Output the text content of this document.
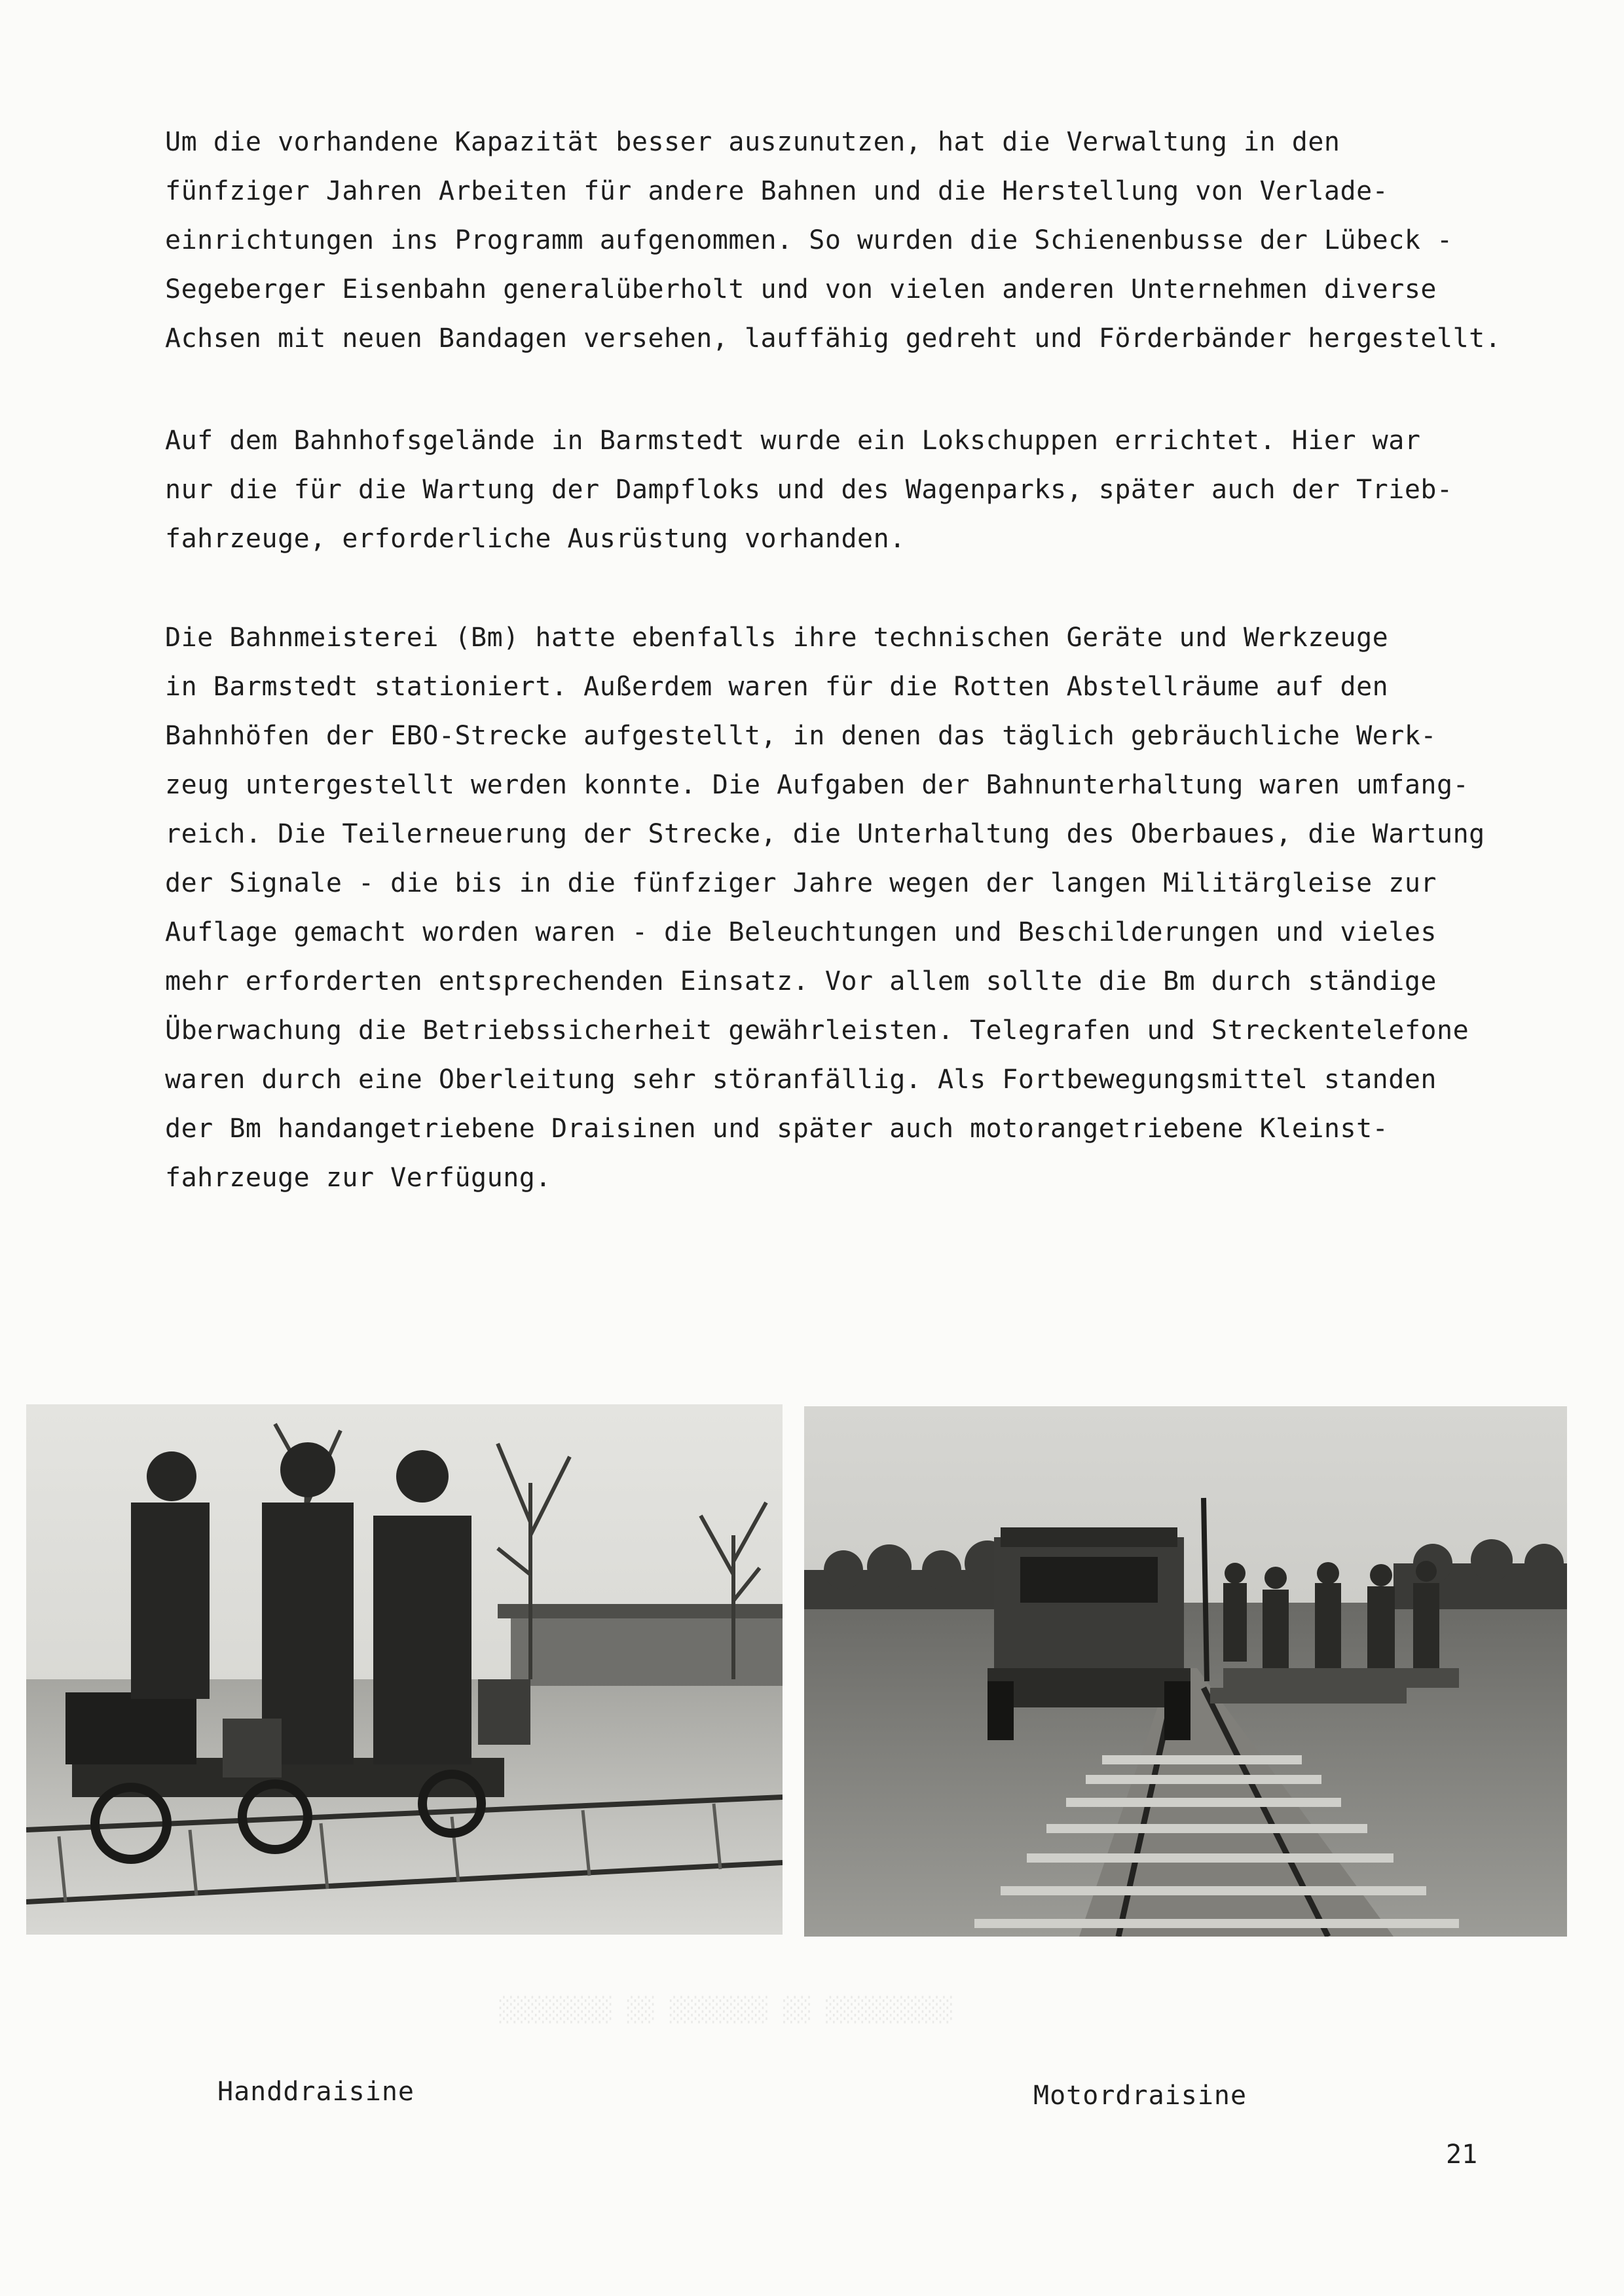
Um die vorhandene Kapazität besser auszunutzen, hat die Verwaltung in den
fünfziger Jahren Arbeiten für andere Bahnen und die Herstellung von Verlade-
einrichtungen ins Programm aufgenommen. So wurden die Schienenbusse der Lübeck -
Segeberger Eisenbahn generalüberholt und von vielen anderen Unternehmen diverse
Achsen mit neuen Bandagen versehen, lauffähig gedreht und Förderbänder hergestellt.
Auf dem Bahnhofsgelände in Barmstedt wurde ein Lokschuppen errichtet. Hier war
nur die für die Wartung der Dampfloks und des Wagenparks, später auch der Trieb-
fahrzeuge, erforderliche Ausrüstung vorhanden.
Die Bahnmeisterei (Bm) hatte ebenfalls ihre technischen Geräte und Werkzeuge
in Barmstedt stationiert. Außerdem waren für die Rotten Abstellräume auf den
Bahnhöfen der EBO-Strecke aufgestellt, in denen das täglich gebräuchliche Werk-
zeug untergestellt werden konnte. Die Aufgaben der Bahnunterhaltung waren umfang-
reich. Die Teilerneuerung der Strecke, die Unterhaltung des Oberbaues, die Wartung
der Signale - die bis in die fünfziger Jahre wegen der langen Militärgleise zur
Auflage gemacht worden waren - die Beleuchtungen und Beschilderungen und vieles
mehr erforderten entsprechenden Einsatz. Vor allem sollte die Bm durch ständige
Überwachung die Betriebssicherheit gewährleisten. Telegrafen und Streckentelefone
waren durch eine Oberleitung sehr störanfällig. Als Fortbewegungsmittel standen
der Bm handangetriebene Draisinen und später auch motorangetriebene Kleinst-
fahrzeuge zur Verfügung.
░░░░░░░░░ ░░ ░░░░░░░ ░░ ░░░░░░░░
Handdraisine	Motordraisine
21
